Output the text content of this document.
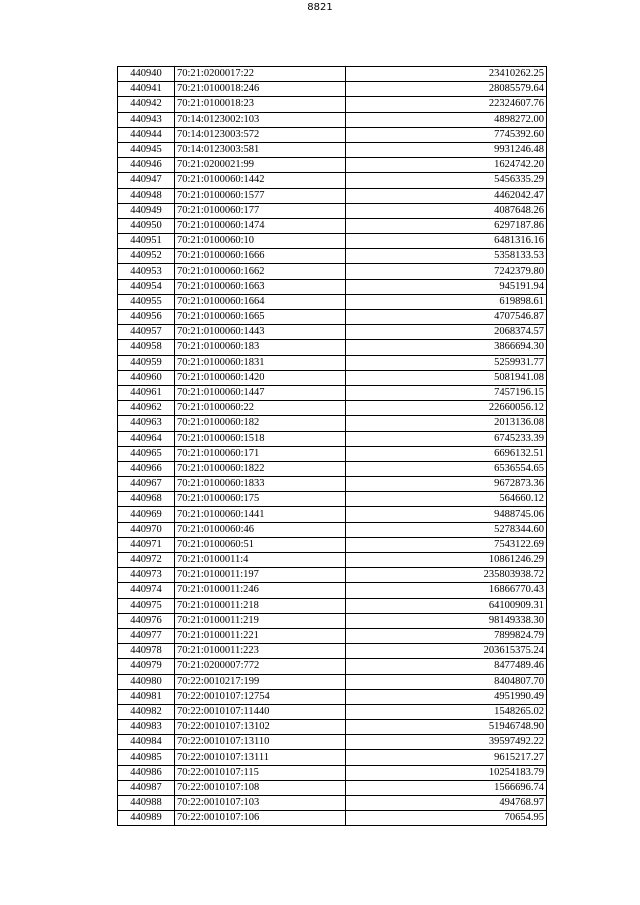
8821
440940	70:21:0200017:22	23410262.25
440941	70:21:0100018:246	28085579.64
440942	70:21:0100018:23	22324607.76
440943	70:14:0123002:103	4898272.00
440944	70:14:0123003:572	7745392.60
440945	70:14:0123003:581	9931246.48
440946	70:21:0200021:99	1624742.20
440947	70:21:0100060:1442	5456335.29
440948	70:21:0100060:1577	4462042.47
440949	70:21:0100060:177	4087648.26
440950	70:21:0100060:1474	6297187.86
440951	70:21:0100060:10	6481316.16
440952	70:21:0100060:1666	5358133.53
440953	70:21:0100060:1662	7242379.80
440954	70:21:0100060:1663	945191.94
440955	70:21:0100060:1664	619898.61
440956	70:21:0100060:1665	4707546.87
440957	70:21:0100060:1443	2068374.57
440958	70:21:0100060:183	3866694.30
440959	70:21:0100060:1831	5259931.77
440960	70:21:0100060:1420	5081941.08
440961	70:21:0100060:1447	7457196.15
440962	70:21:0100060:22	22660056.12
440963	70:21:0100060:182	2013136.08
440964	70:21:0100060:1518	6745233.39
440965	70:21:0100060:171	6696132.51
440966	70:21:0100060:1822	6536554.65
440967	70:21:0100060:1833	9672873.36
440968	70:21:0100060:175	564660.12
440969	70:21:0100060:1441	9488745.06
440970	70:21:0100060:46	5278344.60
440971	70:21:0100060:51	7543122.69
440972	70:21:0100011:4	10861246.29
440973	70:21:0100011:197	235803938.72
440974	70:21:0100011:246	16866770.43
440975	70:21:0100011:218	64100909.31
440976	70:21:0100011:219	98149338.30
440977	70:21:0100011:221	7899824.79
440978	70:21:0100011:223	203615375.24
440979	70:21:0200007:772	8477489.46
440980	70:22:0010217:199	8404807.70
440981	70:22:0010107:12754	4951990.49
440982	70:22:0010107:11440	1548265.02
440983	70:22:0010107:13102	51946748.90
440984	70:22:0010107:13110	39597492.22
440985	70:22:0010107:13111	9615217.27
440986	70:22:0010107:115	10254183.79
440987	70:22:0010107:108	1566696.74
440988	70:22:0010107:103	494768.97
440989	70:22:0010107:106	70654.95
